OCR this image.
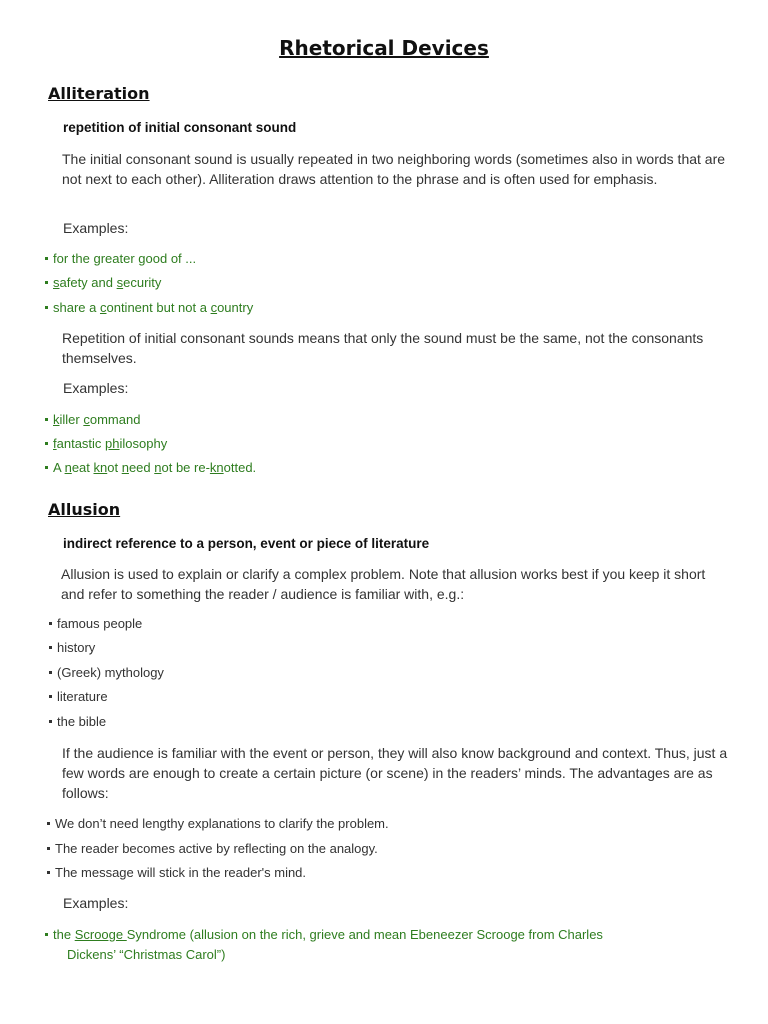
Rhetorical Devices
Alliteration
repetition of initial consonant sound
The initial consonant sound is usually repeated in two neighboring words (sometimes also in words that are not next to each other). Alliteration draws attention to the phrase and is often used for emphasis.
Examples:
for the greater good of ...
safety and security
share a continent but not a country
Repetition of initial consonant sounds means that only the sound must be the same, not the consonants themselves.
Examples:
killer command
fantastic philosophy
A neat knot need not be re-knotted.
Allusion
indirect reference to a person, event or piece of literature
Allusion is used to explain or clarify a complex problem. Note that allusion works best if you keep it short and refer to something the reader / audience is familiar with, e.g.:
famous people
history
(Greek) mythology
literature
the bible
If the audience is familiar with the event or person, they will also know background and context. Thus, just a few words are enough to create a certain picture (or scene) in the readers’ minds. The advantages are as follows:
We don’t need lengthy explanations to clarify the problem.
The reader becomes active by reflecting on the analogy.
The message will stick in the reader's mind.
Examples:
the Scrooge Syndrome (allusion on the rich, grieve and mean Ebeneezer Scrooge from Charles
Dickens’ “Christmas Carol”)
